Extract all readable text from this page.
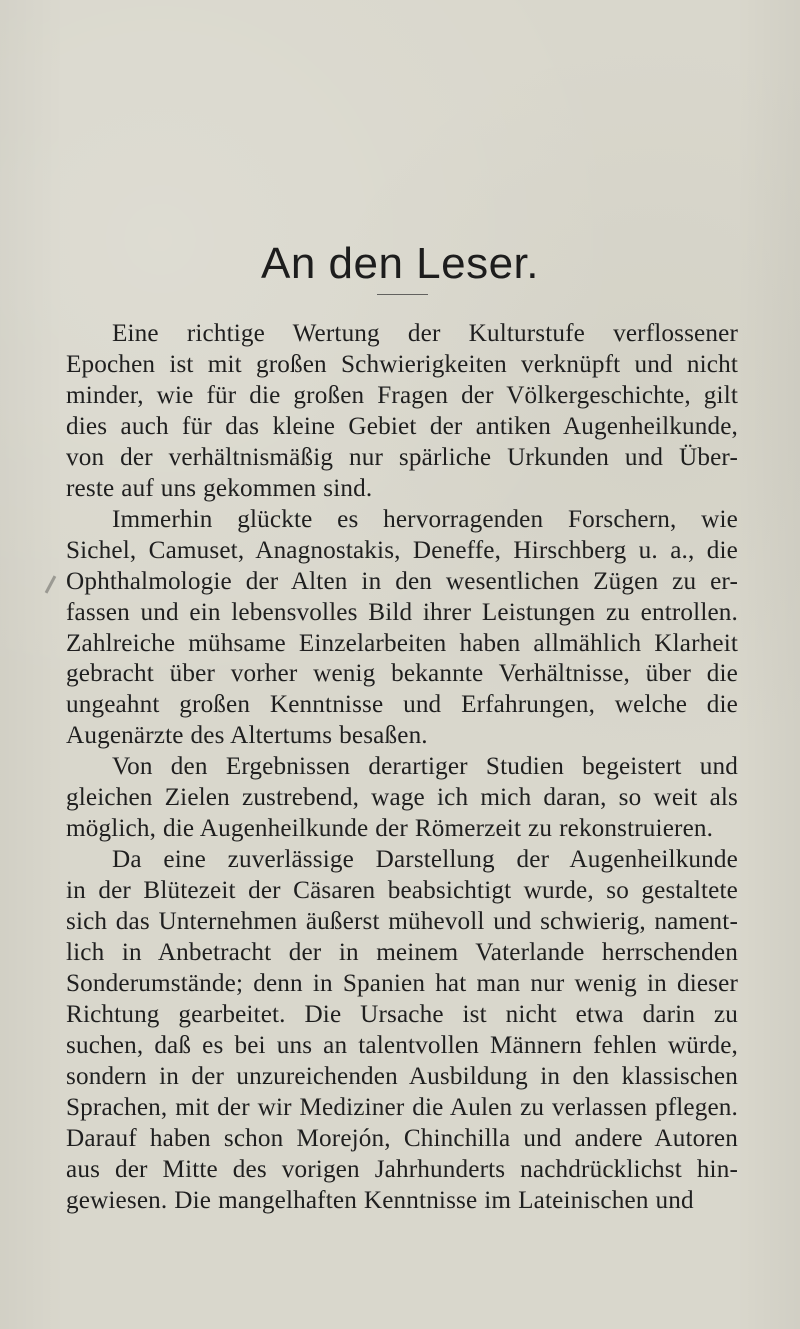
An den Leser.
Eine richtige Wertung der Kulturstufe verflossener
Epochen ist mit großen Schwierigkeiten verknüpft und nicht
minder, wie für die großen Fragen der Völkergeschichte, gilt
dies auch für das kleine Gebiet der antiken Augenheilkunde,
von der verhältnismäßig nur spärliche Urkunden und Über-
reste auf uns gekommen sind.
Immerhin glückte es hervorragenden Forschern, wie
Sichel, Camuset, Anagnostakis, Deneffe, Hirschberg u. a., die
Ophthalmologie der Alten in den wesentlichen Zügen zu er-
fassen und ein lebensvolles Bild ihrer Leistungen zu entrollen.
Zahlreiche mühsame Einzelarbeiten haben allmählich Klarheit
gebracht über vorher wenig bekannte Verhältnisse, über die
ungeahnt großen Kenntnisse und Erfahrungen, welche die
Augenärzte des Altertums besaßen.
Von den Ergebnissen derartiger Studien begeistert und
gleichen Zielen zustrebend, wage ich mich daran, so weit als
möglich, die Augenheilkunde der Römerzeit zu rekonstruieren.
Da eine zuverlässige Darstellung der Augenheilkunde
in der Blütezeit der Cäsaren beabsichtigt wurde, so gestaltete
sich das Unternehmen äußerst mühevoll und schwierig, nament-
lich in Anbetracht der in meinem Vaterlande herrschenden
Sonderumstände; denn in Spanien hat man nur wenig in dieser
Richtung gearbeitet. Die Ursache ist nicht etwa darin zu
suchen, daß es bei uns an talentvollen Männern fehlen würde,
sondern in der unzureichenden Ausbildung in den klassischen
Sprachen, mit der wir Mediziner die Aulen zu verlassen pflegen.
Darauf haben schon Morejón, Chinchilla und andere Autoren
aus der Mitte des vorigen Jahrhunderts nachdrücklichst hin-
gewiesen. Die mangelhaften Kenntnisse im Lateinischen und
